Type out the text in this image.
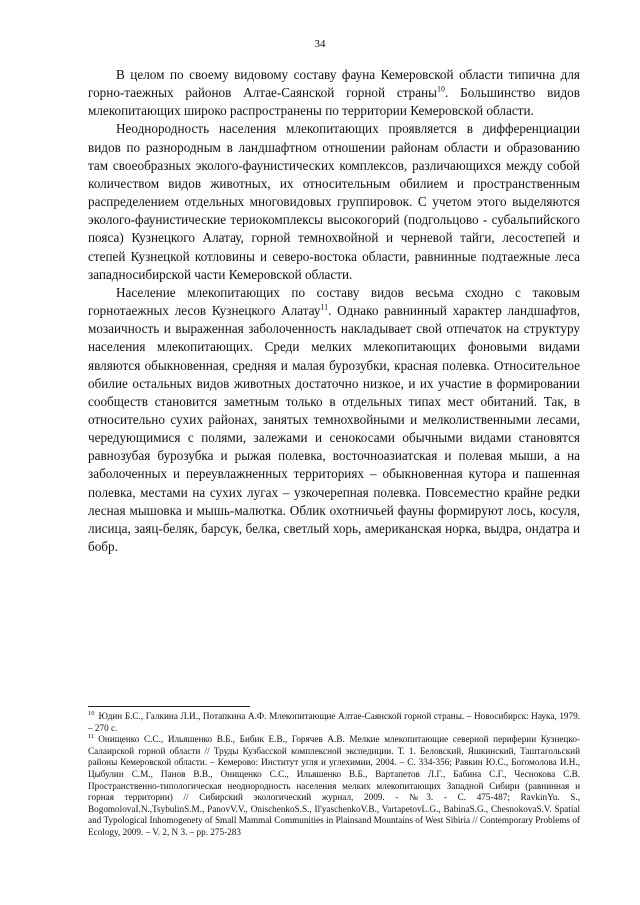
34

В целом по своему видовому составу фауна Кемеровской области типична для горно-таежных районов Алтае-Саянской горной страны$^{10}$. Большинство видов млекопитающих широко распространены по территории Кемеровской области.

Неоднородность населения млекопитающих проявляется в дифференциации видов по разнородным в ландшафтном отношении районам области и образованию там своеобразных эколого-фаунистических комплексов, различающихся между собой количеством видов животных, их относительным обилием и пространственным распределением отдельных многовидовых группировок. С учетом этого выделяются эколого-фаунистические териокомплексы высокогорий (подгольцово - субальпийского пояса) Кузнецкого Алатау, горной темнохвойной и черневой тайги, лесостепей и степей Кузнецкой котловины и северо-востока области, равнинные подтаежные леса западносибирской части Кемеровской области.

Население млекопитающих по составу видов весьма сходно с таковым горнотаежных лесов Кузнецкого Алатау$^{11}$. Однако равнинный характер ландшафтов, мозаичность и выраженная заболоченность накладывает свой отпечаток на структуру населения млекопитающих. Среди мелких млекопитающих фоновыми видами являются обыкновенная, средняя и малая бурозубки, красная полевка. Относительное обилие остальных видов животных достаточно низкое, и их участие в формировании сообществ становится заметным только в отдельных типах мест обитаний. Так, в относительно сухих районах, занятых темнохвойными и мелколиственными лесами, чередующимися с полями, залежами и сенокосами обычными видами становятся равнозубая бурозубка и рыжая полевка, восточноазиатская и полевая мыши, а на заболоченных и переувлажненных территориях – обыкновенная кутора и пашенная полевка, местами на сухих лугах – узкочерепная полевка. Повсеместно крайне редки лесная мышовка и мышь-малютка. Облик охотничьей фауны формируют лось, косуля, лисица, заяц-беляк, барсук, белка, светлый хорь, американская норка, выдра, ондатра и бобр.

$^{10}$ Юдин Б.С., Галкина Л.И., Потапкина А.Ф. Млекопитающие Алтае-Саянской горной страны. – Новосибирск: Наука, 1979. – 270 с.

$^{11}$ Онищенко С.С., Ильяшенко В.Б., Бибик Е.В., Горячев А.В. Мелкие млекопитающие северной периферии Кузнецко-Салаирской горной области // Труды Кузбасской комплексной экспедиции. Т. 1. Беловский, Яшкинский, Таштагольский районы Кемеровской области. – Кемерово: Институт угля и углехимии, 2004. – С. 334-356; Равкин Ю.С., Богомолова И.Н., Цыбулин С.М., Панов В.В., Онищенко С.С., Ильяшенко В.Б., Вартапетов Л.Г., Бабина С.Г., Чеснокова С.В. Пространственно-типологическая неоднородность населения мелких млекопитающих Западной Сибири (равнинная и горная территории) // Сибирский экологический журнал, 2009. - №3. - С. 475-487; RavkinYu. S., BogomolovaI.N.,TsybulinS.M., PanovV.V., OnischenkoS.S., Il'yaschenkoV.B., VartapetovL.G., BabinaS.G., ChesnokovaS.V. Spatial and Typological Inhomogenety of Small Mammal Communities in Plainsand Mountains of West Sibiria // Contemporary Problems of Ecology, 2009. – V. 2, N 3. – pp. 275-283
